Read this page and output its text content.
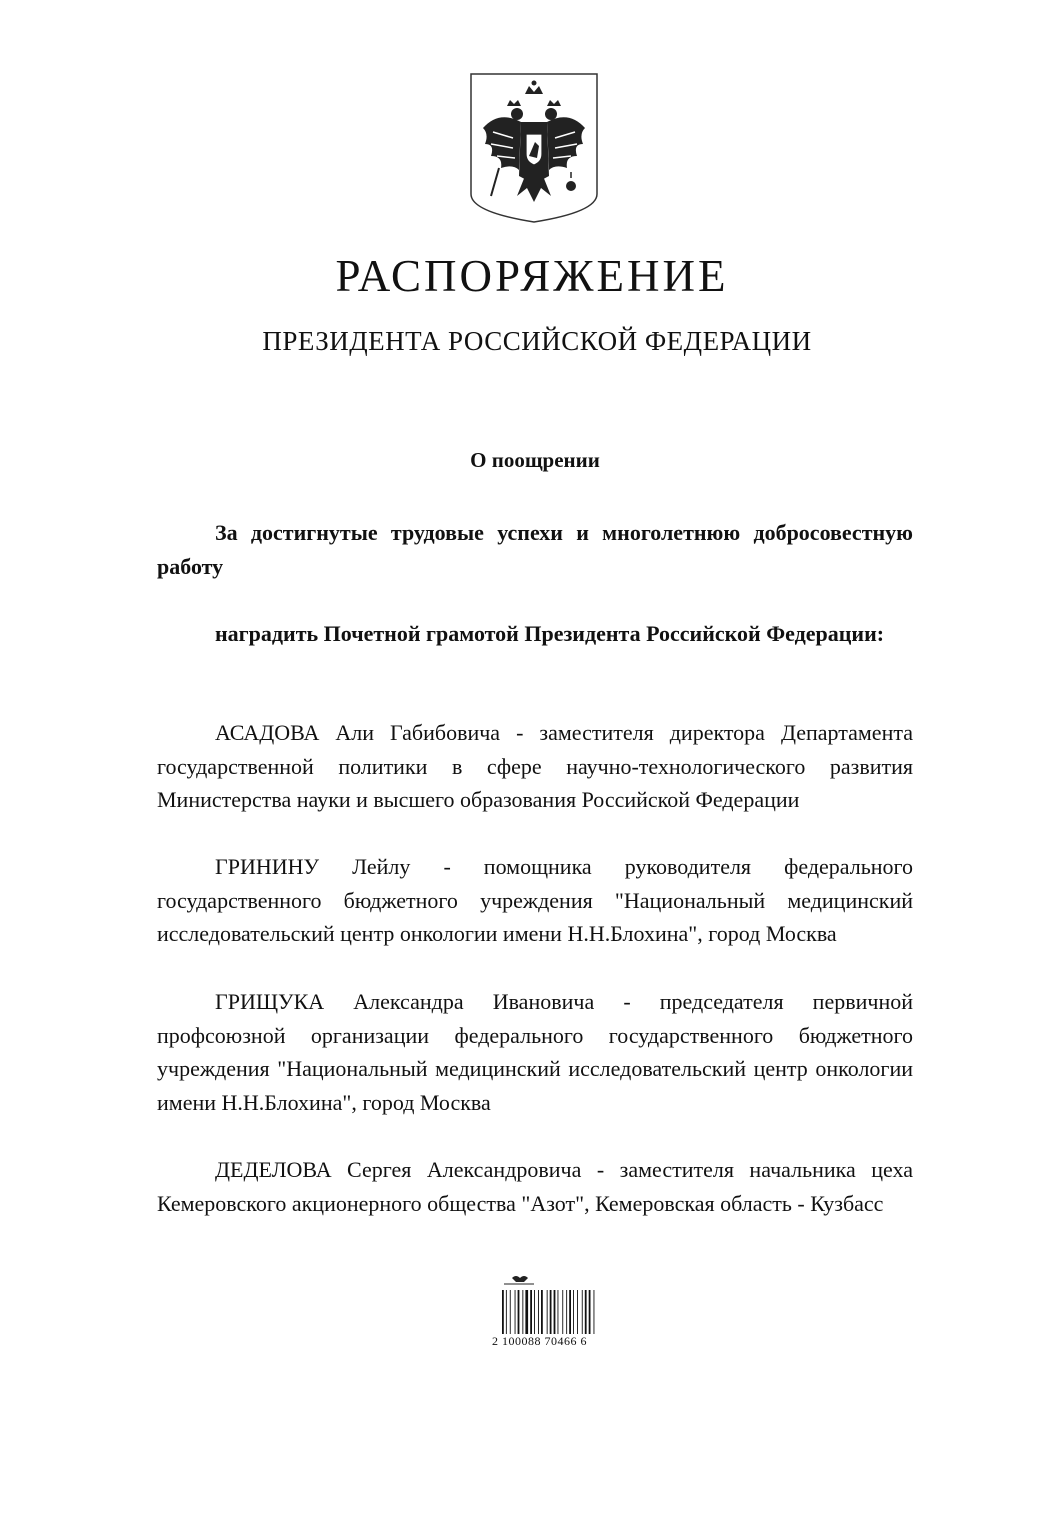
РАСПОРЯЖЕНИЕ
ПРЕЗИДЕНТА РОССИЙСКОЙ ФЕДЕРАЦИИ
О поощрении

За достигнутые трудовые успехи и многолетнюю добросовестную работу

наградить Почетной грамотой Президента Российской Федерации:

АСАДОВА Али Габибовича - заместителя директора Департамента государственной политики в сфере научно-технологического развития Министерства науки и высшего образования Российской Федерации

ГРИНИНУ Лейлу - помощника руководителя федерального государственного бюджетного учреждения "Национальный медицинский исследовательский центр онкологии имени Н.Н.Блохина", город Москва

ГРИЩУКА Александра Ивановича - председателя первичной профсоюзной организации федерального государственного бюджетного учреждения "Национальный медицинский исследовательский центр онкологии имени Н.Н.Блохина", город Москва

ДЕДЕЛОВА Сергея Александровича - заместителя начальника цеха Кемеровского акционерного общества "Азот", Кемеровская область - Кузбасс

2 100088 70466 6
